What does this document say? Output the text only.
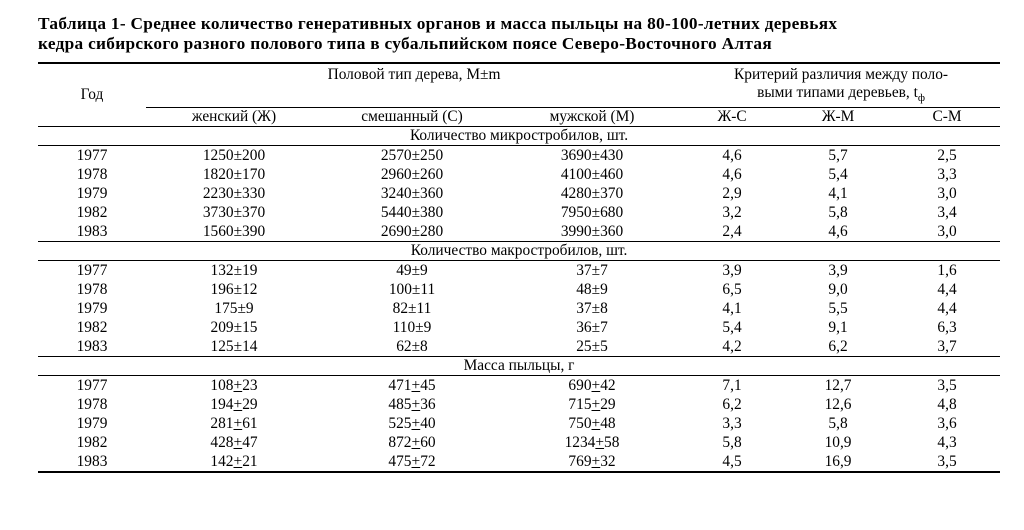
Таблица 1- Среднее количество генеративных органов и масса пыльцы на 80-100-летних деревьях
кедра сибирского разного полового типа в субальпийском поясе Северо-Восточного Алтая
Год	Половой тип дерева, М±m			Критерий различия между поло-
выми типами деревьев, $t_ф$
	женский (Ж)	смешанный (С)	мужской (М)	Ж-С	Ж-М	С-М
Количество микростробилов, шт.						
1977	1250±200	2570±250	3690±430	4,6	5,7	2,5
1978	1820±170	2960±260	4100±460	4,6	5,4	3,3
1979	2230±330	3240±360	4280±370	2,9	4,1	3,0
1982	3730±370	5440±380	7950±680	3,2	5,8	3,4
1983	1560±390	2690±280	3990±360	2,4	4,6	3,0
Количество макростробилов, шт.						
1977	132±19	49±9	37±7	3,9	3,9	1,6
1978	196±12	100±11	48±9	6,5	9,0	4,4
1979	175±9	82±11	37±8	4,1	5,5	4,4
1982	209±15	110±9	36±7	5,4	9,1	6,3
1983	125±14	62±8	25±5	4,2	6,2	3,7
Масса пыльцы, г						
1977	108+23	471+45	690+42	7,1	12,7	3,5
1978	194+29	485+36	715+29	6,2	12,6	4,8
1979	281+61	525+40	750+48	3,3	5,8	3,6
1982	428+47	872+60	1234+58	5,8	10,9	4,3
1983	142+21	475+72	769+32	4,5	16,9	3,5
